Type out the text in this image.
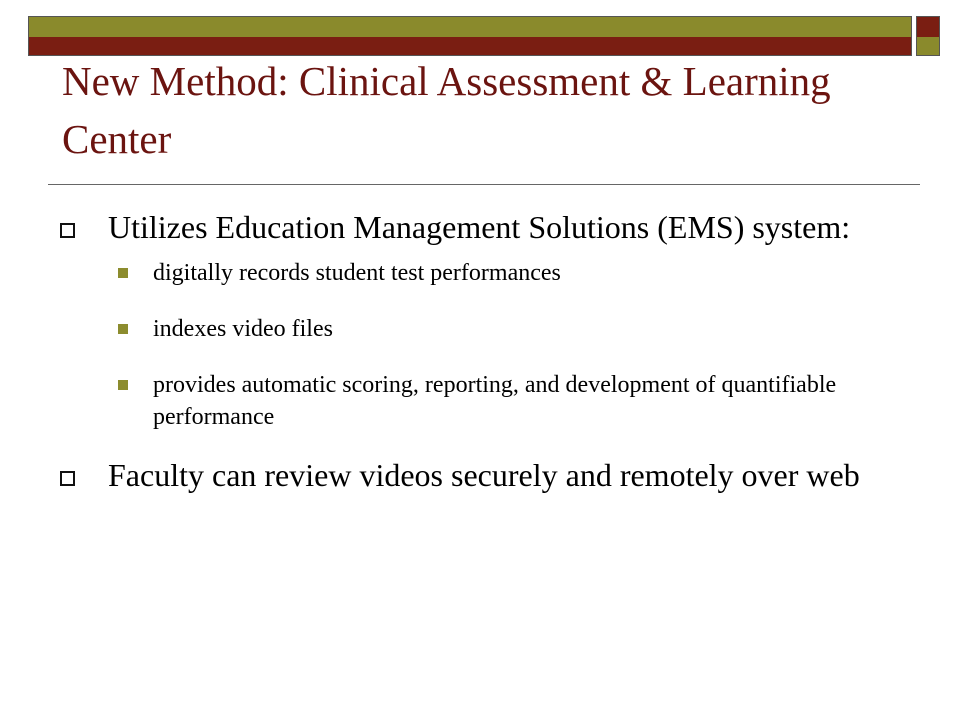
New Method: Clinical Assessment & Learning Center
Utilizes Education Management Solutions (EMS) system:
digitally records student test performances
indexes video files
provides automatic scoring, reporting, and development of quantifiable performance
Faculty can review videos securely and remotely over web
